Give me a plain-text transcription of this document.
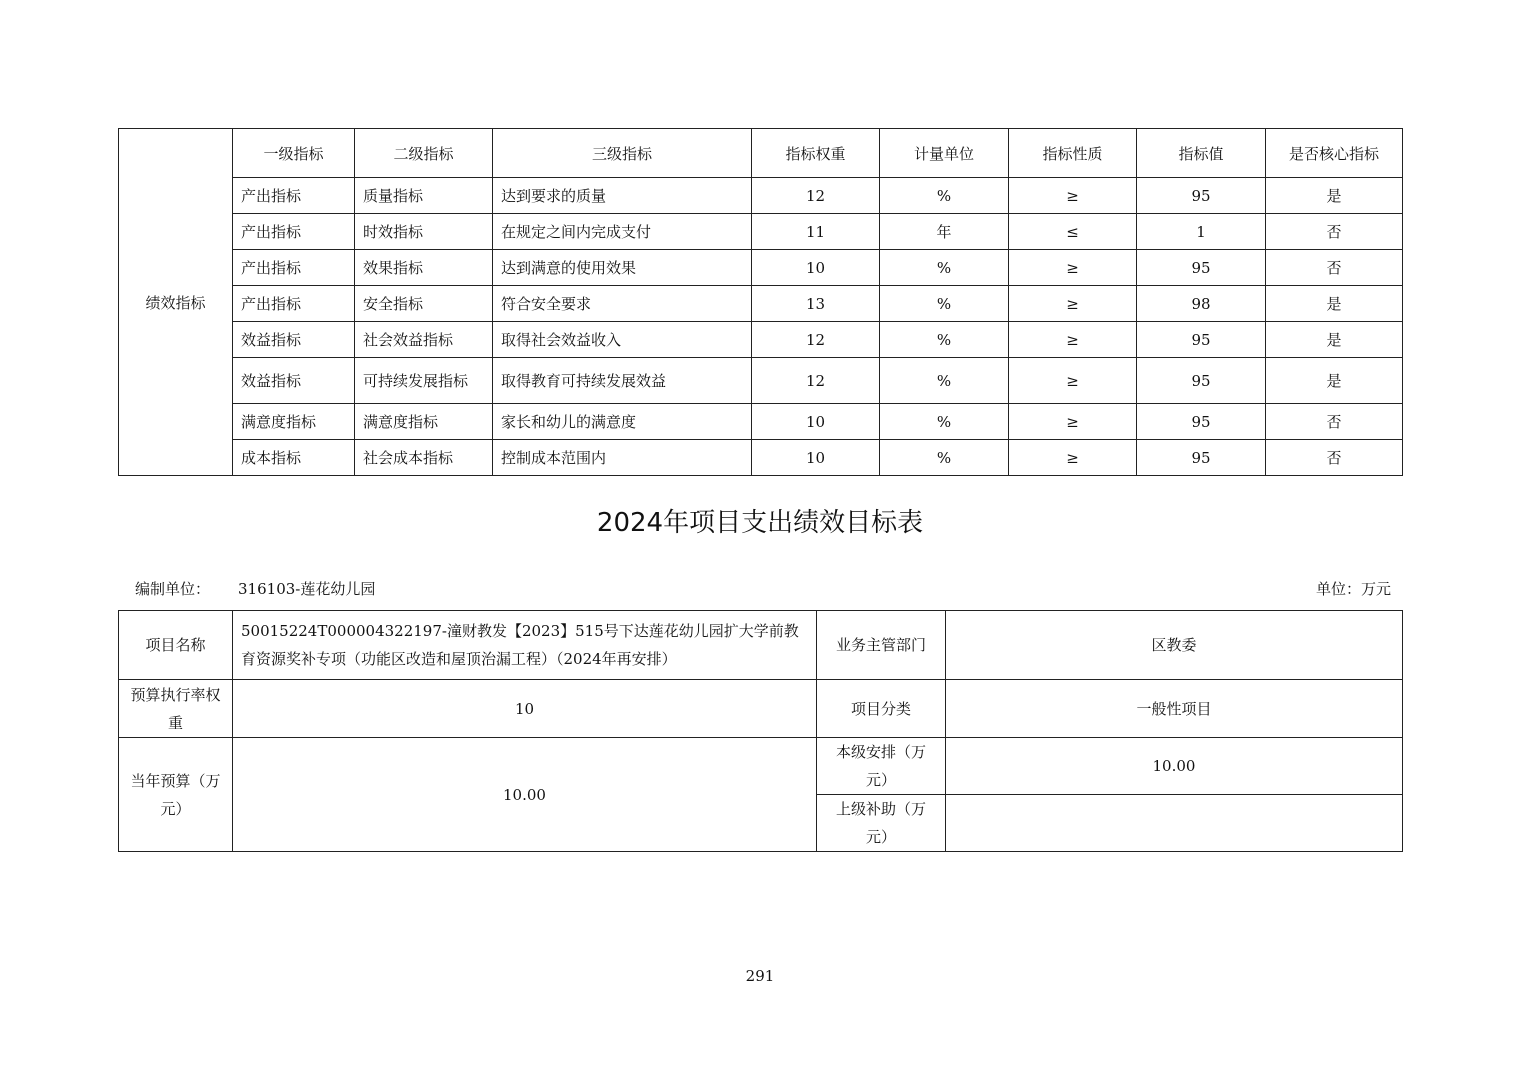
绩效指标	一级指标	二级指标	三级指标	指标权重	计量单位	指标性质	指标值	是否核心指标
	产出指标	质量指标	达到要求的质量	12	%	≥	95	是
	产出指标	时效指标	在规定之间内完成支付	11	年	≤	1	否
	产出指标	效果指标	达到满意的使用效果	10	%	≥	95	否
	产出指标	安全指标	符合安全要求	13	%	≥	98	是
	效益指标	社会效益指标	取得社会效益收入	12	%	≥	95	是
	效益指标	可持续发展指标	取得教育可持续发展效益	12	%	≥	95	是
	满意度指标	满意度指标	家长和幼儿的满意度	10	%	≥	95	否
	成本指标	社会成本指标	控制成本范围内	10	%	≥	95	否
2024年项目支出绩效目标表
编制单位： 316103-莲花幼儿园	单位：万元
项目名称	50015224T000004322197-潼财教发【2023】515号下达莲花幼儿园扩大学前教育资源奖补专项（功能区改造和屋顶治漏工程）（2024年再安排）	业务主管部门	区教委
预算执行率权重	10	项目分类	一般性项目
当年预算（万元）	10.00	本级安排（万元）	10.00
		上级补助（万元）	
291
